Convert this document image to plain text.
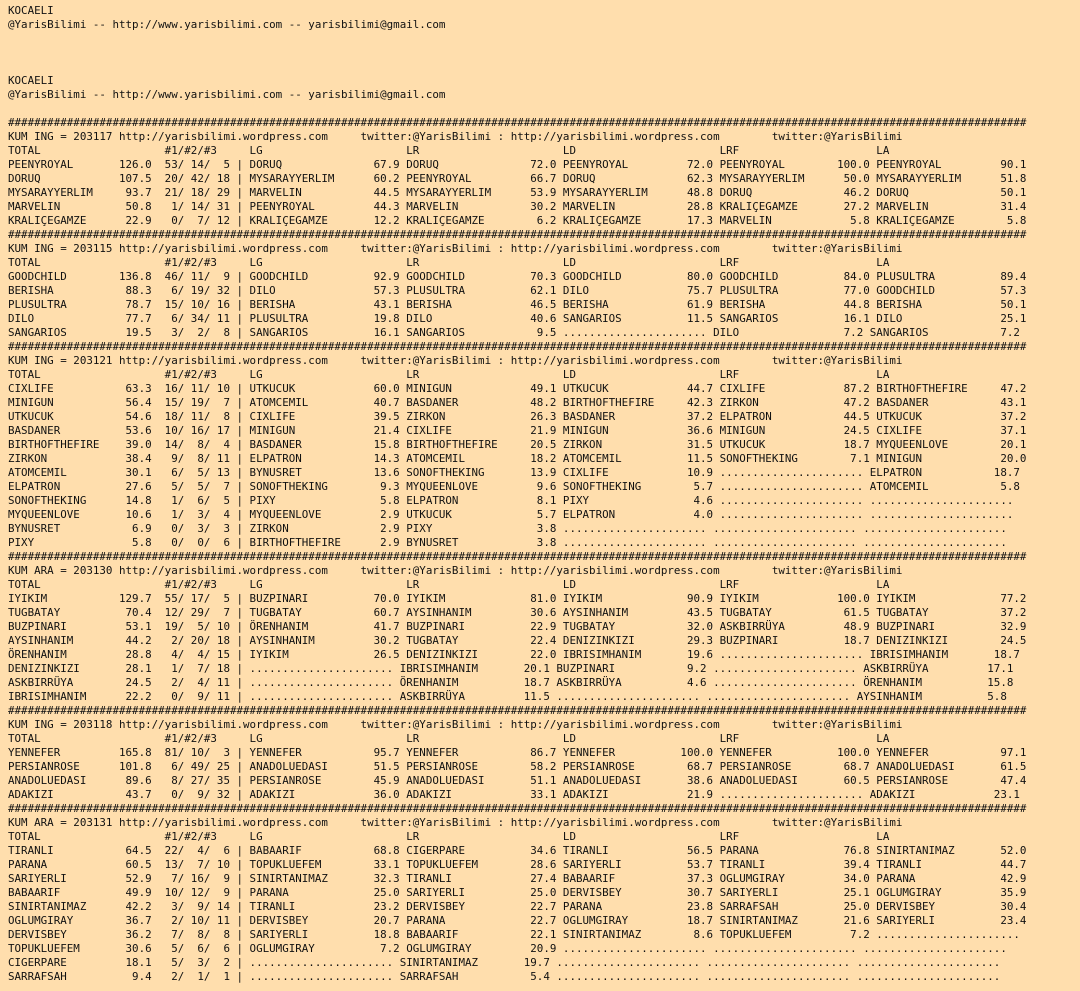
KOCAELI
@YarisBilimi -- http://www.yarisbilimi.com -- yarisbilimi@gmail.com

KOCAELI
@YarisBilimi -- http://www.yarisbilimi.com -- yarisbilimi@gmail.com

############################################################################################################################################################
KUM ING = 203117 http://yarisbilimi.wordpress.com     twitter:@YarisBilimi : http://yarisbilimi.wordpress.com        twitter:@YarisBilimi
TOTAL                   #1/#2/#3     LG                      LR                      LD                      LRF                     LA
PEENYROYAL       126.0  53/ 14/  5 | DORUQ              67.9 DORUQ              72.0 PEENYROYAL         72.0 PEENYROYAL        100.0 PEENYROYAL         90.1
DORUQ            107.5  20/ 42/ 18 | MYSARAYYERLIM      60.2 PEENYROYAL         66.7 DORUQ              62.3 MYSARAYYERLIM      50.0 MYSARAYYERLIM      51.8
MYSARAYYERLIM     93.7  21/ 18/ 29 | MARVELIN           44.5 MYSARAYYERLIM      53.9 MYSARAYYERLIM      48.8 DORUQ              46.2 DORUQ              50.1
MARVELIN          50.8   1/ 14/ 31 | PEENYROYAL         44.3 MARVELIN           30.2 MARVELIN           28.8 KRALIÇEGAMZE       27.2 MARVELIN           31.4
KRALIÇEGAMZE      22.9   0/  7/ 12 | KRALIÇEGAMZE       12.2 KRALIÇEGAMZE        6.2 KRALIÇEGAMZE       17.3 MARVELIN            5.8 KRALIÇEGAMZE        5.8
############################################################################################################################################################
KUM ING = 203115 http://yarisbilimi.wordpress.com     twitter:@YarisBilimi : http://yarisbilimi.wordpress.com        twitter:@YarisBilimi
TOTAL                   #1/#2/#3     LG                      LR                      LD                      LRF                     LA
GOODCHILD        136.8  46/ 11/  9 | GOODCHILD          92.9 GOODCHILD          70.3 GOODCHILD          80.0 GOODCHILD          84.0 PLUSULTRA          89.4
BERISHA           88.3   6/ 19/ 32 | DILO               57.3 PLUSULTRA          62.1 DILO               75.7 PLUSULTRA          77.0 GOODCHILD          57.3
PLUSULTRA         78.7  15/ 10/ 16 | BERISHA            43.1 BERISHA            46.5 BERISHA            61.9 BERISHA            44.8 BERISHA            50.1
DILO              77.7   6/ 34/ 11 | PLUSULTRA          19.8 DILO               40.6 SANGARIOS          11.5 SANGARIOS          16.1 DILO               25.1
SANGARIOS         19.5   3/  2/  8 | SANGARIOS          16.1 SANGARIOS           9.5 ...................... DILO                7.2 SANGARIOS           7.2
############################################################################################################################################################
KUM ING = 203121 http://yarisbilimi.wordpress.com     twitter:@YarisBilimi : http://yarisbilimi.wordpress.com        twitter:@YarisBilimi
TOTAL                   #1/#2/#3     LG                      LR                      LD                      LRF                     LA
CIXLIFE           63.3  16/ 11/ 10 | UTKUCUK            60.0 MINIGUN            49.1 UTKUCUK            44.7 CIXLIFE            87.2 BIRTHOFTHEFIRE     47.2
MINIGUN           56.4  15/ 19/  7 | ATOMCEMIL          40.7 BASDANER           48.2 BIRTHOFTHEFIRE     42.3 ZIRKON             47.2 BASDANER           43.1
UTKUCUK           54.6  18/ 11/  8 | CIXLIFE            39.5 ZIRKON             26.3 BASDANER           37.2 ELPATRON           44.5 UTKUCUK            37.2
BASDANER          53.6  10/ 16/ 17 | MINIGUN            21.4 CIXLIFE            21.9 MINIGUN            36.6 MINIGUN            24.5 CIXLIFE            37.1
BIRTHOFTHEFIRE    39.0  14/  8/  4 | BASDANER           15.8 BIRTHOFTHEFIRE     20.5 ZIRKON             31.5 UTKUCUK            18.7 MYQUEENLOVE        20.1
ZIRKON            38.4   9/  8/ 11 | ELPATRON           14.3 ATOMCEMIL          18.2 ATOMCEMIL          11.5 SONOFTHEKING        7.1 MINIGUN            20.0
ATOMCEMIL         30.1   6/  5/ 13 | BYNUSRET           13.6 SONOFTHEKING       13.9 CIXLIFE            10.9 ...................... ELPATRON           18.7
ELPATRON          27.6   5/  5/  7 | SONOFTHEKING        9.3 MYQUEENLOVE         9.6 SONOFTHEKING        5.7 ...................... ATOMCEMIL           5.8
SONOFTHEKING      14.8   1/  6/  5 | PIXY                5.8 ELPATRON            8.1 PIXY                4.6 ...................... ......................
MYQUEENLOVE       10.6   1/  3/  4 | MYQUEENLOVE         2.9 UTKUCUK             5.7 ELPATRON            4.0 ...................... ......................
BYNUSRET           6.9   0/  3/  3 | ZIRKON              2.9 PIXY                3.8 ...................... ...................... ......................
PIXY               5.8   0/  0/  6 | BIRTHOFTHEFIRE      2.9 BYNUSRET            3.8 ...................... ...................... ......................
############################################################################################################################################################
KUM ARA = 203130 http://yarisbilimi.wordpress.com     twitter:@YarisBilimi : http://yarisbilimi.wordpress.com        twitter:@YarisBilimi
TOTAL                   #1/#2/#3     LG                      LR                      LD                      LRF                     LA
IYIKIM           129.7  55/ 17/  5 | BUZPINARI          70.0 IYIKIM             81.0 IYIKIM             90.9 IYIKIM            100.0 IYIKIM             77.2
TUGBATAY          70.4  12/ 29/  7 | TUGBATAY           60.7 AYSINHANIM         30.6 AYSINHANIM         43.5 TUGBATAY           61.5 TUGBATAY           37.2
BUZPINARI         53.1  19/  5/ 10 | ÖRENHANIM          41.7 BUZPINARI          22.9 TUGBATAY           32.0 ASKBIRRÜYA         48.9 BUZPINARI          32.9
AYSINHANIM        44.2   2/ 20/ 18 | AYSINHANIM         30.2 TUGBATAY           22.4 DENIZINKIZI        29.3 BUZPINARI          18.7 DENIZINKIZI        24.5
ÖRENHANIM         28.8   4/  4/ 15 | IYIKIM             26.5 DENIZINKIZI        22.0 IBRISIMHANIM       19.6 ...................... IBRISIMHANIM       18.7
DENIZINKIZI       28.1   1/  7/ 18 | ...................... IBRISIMHANIM       20.1 BUZPINARI           9.2 ...................... ASKBIRRÜYA         17.1
ASKBIRRÜYA        24.5   2/  4/ 11 | ...................... ÖRENHANIM          18.7 ASKBIRRÜYA          4.6 ...................... ÖRENHANIM          15.8
IBRISIMHANIM      22.2   0/  9/ 11 | ...................... ASKBIRRÜYA         11.5 ...................... ...................... AYSINHANIM          5.8
############################################################################################################################################################
KUM ING = 203118 http://yarisbilimi.wordpress.com     twitter:@YarisBilimi : http://yarisbilimi.wordpress.com        twitter:@YarisBilimi
TOTAL                   #1/#2/#3     LG                      LR                      LD                      LRF                     LA
YENNEFER         165.8  81/ 10/  3 | YENNEFER           95.7 YENNEFER           86.7 YENNEFER          100.0 YENNEFER          100.0 YENNEFER           97.1
PERSIANROSE      101.8   6/ 49/ 25 | ANADOLUEDASI       51.5 PERSIANROSE        58.2 PERSIANROSE        68.7 PERSIANROSE        68.7 ANADOLUEDASI       61.5
ANADOLUEDASI      89.6   8/ 27/ 35 | PERSIANROSE        45.9 ANADOLUEDASI       51.1 ANADOLUEDASI       38.6 ANADOLUEDASI       60.5 PERSIANROSE        47.4
ADAKIZI           43.7   0/  9/ 32 | ADAKIZI            36.0 ADAKIZI            33.1 ADAKIZI            21.9 ...................... ADAKIZI            23.1
############################################################################################################################################################
KUM ARA = 203131 http://yarisbilimi.wordpress.com     twitter:@YarisBilimi : http://yarisbilimi.wordpress.com        twitter:@YarisBilimi
TOTAL                   #1/#2/#3     LG                      LR                      LD                      LRF                     LA
TIRANLI           64.5  22/  4/  6 | BABAARIF           68.8 CIGERPARE          34.6 TIRANLI            56.5 PARANA             76.8 SINIRTANIMAZ       52.0
PARANA            60.5  13/  7/ 10 | TOPUKLUEFEM        33.1 TOPUKLUEFEM        28.6 SARIYERLI          53.7 TIRANLI            39.4 TIRANLI            44.7
SARIYERLI         52.9   7/ 16/  9 | SINIRTANIMAZ       32.3 TIRANLI            27.4 BABAARIF           37.3 OGLUMGIRAY         34.0 PARANA             42.9
BABAARIF          49.9  10/ 12/  9 | PARANA             25.0 SARIYERLI          25.0 DERVISBEY          30.7 SARIYERLI          25.1 OGLUMGIRAY         35.9
SINIRTANIMAZ      42.2   3/  9/ 14 | TIRANLI            23.2 DERVISBEY          22.7 PARANA             23.8 SARRAFSAH          25.0 DERVISBEY          30.4
OGLUMGIRAY        36.7   2/ 10/ 11 | DERVISBEY          20.7 PARANA             22.7 OGLUMGIRAY         18.7 SINIRTANIMAZ       21.6 SARIYERLI          23.4
DERVISBEY         36.2   7/  8/  8 | SARIYERLI          18.8 BABAARIF           22.1 SINIRTANIMAZ        8.6 TOPUKLUEFEM         7.2 ......................
TOPUKLUEFEM       30.6   5/  6/  6 | OGLUMGIRAY          7.2 OGLUMGIRAY         20.9 ...................... ...................... ......................
CIGERPARE         18.1   5/  3/  2 | ...................... SINIRTANIMAZ       19.7 ...................... ...................... ......................
SARRAFSAH          9.4   2/  1/  1 | ...................... SARRAFSAH           5.4 ...................... ...................... ......................
